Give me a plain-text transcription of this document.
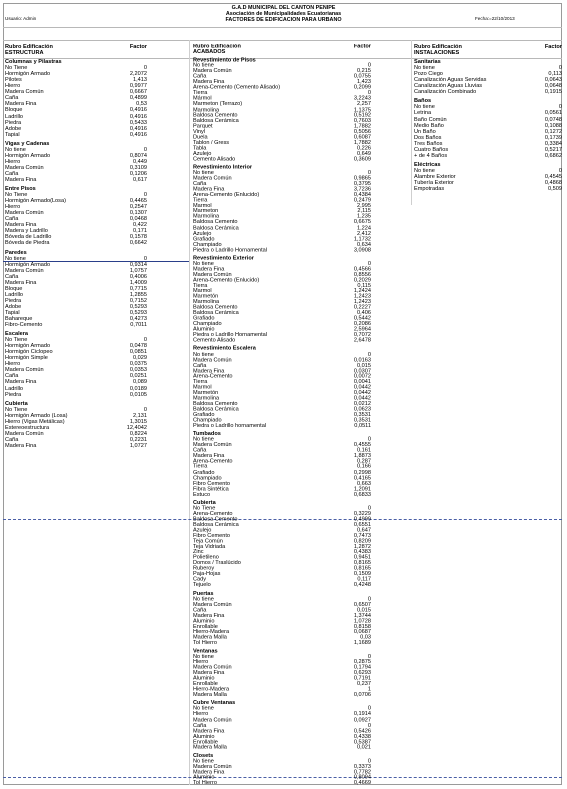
G.A.D MUNICIPAL DEL CANTON PENIPE
Asociación de Municipalidades Ecuatorianas
FACTORES DE EDIFICACION PARA URBANO
Usuario: Admin	Fecha:=22/10/2013
Rubro Edificación	Factor
ESTRUCTURA
Columnas y Pilastras
No Tiene	0
Hormigón Armado	2,2072
Pilotes	1,413
Hierro	0,9977
Madera Común	0,6667
Caña	0,4899
Madera Fina	0,53
Bloque	0,4916
Ladrillo	0,4916
Piedra	0,5433
Adobe	0,4916
Tapial	0,4916
Vigas y Cadenas
No tiene	0
Hormigón Armado	0,8074
Hierro	0,449
Madera Común	0,3109
Caña	0,1206
Madera Fina	0,617
Entre Pisos
No Tiene	0
Hormigón Armado(Losa)	0,4465
Hierro	0,2547
Madera Común	0,1307
Caña	0,0468
Madera Fina	0,422
Madera y Ladrillo	0,171
Bóveda de Ladrillo	0,1578
Bóveda de Piedra	0,6642
Paredes
No tiene	0
Hormigón Armado	0,9314
Madera Común	1,0757
Caña	0,4006
Madera Fina	1,4009
Bloque	0,7715
Ladrillo	1,2855
Piedra	0,7152
Adobe	0,5293
Tapial	0,5293
Bahareque	0,4273
Fibro-Cemento	0,7011
Escalera
No Tiene	0
Hormigón Armado	0,0478
Hormigón Ciclopeo	0,0851
Hormigón Simple	0,029
Hierro	0,0375
Madera Común	0,0353
Caña	0,0251
Madera Fina	0,089
Ladrillo	0,0189
Piedra	0,0105
Cubierta
No Tiene	0
Hormigón Armado (Losa)	2,131
Hierro (Vigas Metálicas)	1,3015
Estereoestructura	12,4042
Madera Común	0,8224
Caña	0,2231
Madera Fina	1,0727
Rubro Edificación	Factor
ACABADOS
Revestimiento de Pisos
No tiene	0
Madera Común	0,215
Caña	0,0755
Madera Fina	1,423
Arena-Cemento (Cemento Alisado)	0,2099
Tierra	0
Mármol	3,2243
Marmeton (Terrazo)	2,257
Marmolina	1,1375
Baldosa Cemento	0,5192
Baldosa Cerámica	0,7603
Parquet	1,7882
Vinyl	0,5056
Duela	0,6087
Tablon / Gress	1,7882
Tabla	0,226
Azulejo	0,649
Cemento Alisado	0,3609
Revestimiento Interior
No tiene	0
Madera Común	0,9865
Caña	0,3795
Madera Fina	3,7236
Arena-Cemento (Enlucido)	0,4384
Tierra	0,2479
Marmol	2,995
Marmeton	2,115
Marmolina	1,235
Baldosa Cemento	0,6675
Baldosa Cerámica	1,224
Azulejo	2,412
Grafiado	1,1732
Champiado	0,634
Piedra o Ladrillo Hornamental	3,0908
Revestimiento Exterior
No tiene	0
Madera Fina	0,4566
Madera Común	0,8556
Arena-Cemento (Enlucido)	0,2029
Tierra	0,115
Marmol	1,2424
Marmetón	1,2423
Marmolina	1,2423
Baldosa Cemento	0,2227
Baldosa Cerámica	0,406
Grafiado	0,5442
Champiado	0,2086
Aluminio	2,5964
Piedra o Ladrillo Hornamental	0,7072
Cemento Alisado	2,6478
Revestimiento Escalera
No tiene	0
Madera Común	0,0163
Caña	0,015
Madera Fina	0,0307
Arena-Cemento	0,0072
Tierra	0,0041
Marmol	0,0442
Marmetón	0,0442
Marmolina	0,0442
Baldosa Cemento	0,0212
Baldosa Cerámica	0,0623
Grafiado	0,3531
Champiado	0,3531
Piedra o Ladrillo hornamental	0,0511
Tumbados
No tiene	0
Madera Común	0,4555
Caña	0,161
Madera Fina	1,8873
Arena-Cemento	0,287
Tierra	0,166
Grafiado	0,2998
Champiado	0,4165
Fibro Cemento	0,663
Fibra Sintética	1,2091
Estuco	0,6833
Cubierta
No Tiene	0
Arena-Cemento	0,3229
Baldosa Cemento	0,4999
Baldosa Cerámica	0,6551
Azulejo	0,647
Fibro Cemento	0,7473
Teja Común	0,8209
Teja Vidriada	1,2872
Zinc	0,4383
Polietileno	0,9451
Domos / Traslúcido	0,8165
Ruberoy	0,8165
Paja-Hojas	0,1509
Cady	0,117
Tejuelo	0,4248
Puertas
No tiene	0
Madera Común	0,6507
Caña	0,015
Madera Fina	1,3744
Aluminio	1,0728
Enrollable	0,8158
Hierro-Madera	0,0687
Madera Malla	0,03
Tol Hierro	1,1689
Ventanas
No tiene	0
Hierro	0,2875
Madera Común	0,1794
Madera Fina	0,6293
Aluminio	0,7191
Enrollable	0,237
Hierro-Madera	1
Madera Malla	0,0706
Cubre Ventanas
No tiene	0
Hierro	0,1914
Madera Común	0,0927
Caña	0
Madera Fina	0,5426
Aluminio	0,4338
Enrollable	0,5387
Madera Malla	0,021
Closets
No tiene	0
Madera Común	0,3373
Madera Fina	0,7782
Aluminio	0,8094
Tol Hierro	0,4669
Rubro Edificación	Factor
INSTALACIONES
Sanitarias
No tiene	0
Pozo Ciego	0,113
Canalización Aguas Servidas	0,0643
Canalización Aguas Lluvias	0,0648
Canalización Combinado	0,1915
Baños
No tiene	0
Letrina	0,0561
Baño Común	0,0748
Medio Baño	0,1088
Un Baño	0,1272
Dos Baños	0,1739
Tres Baños	0,3384
Cuatro Baños	0,5217
+ de 4 Baños	0,6862
Eléctricas
No tiene	0
Alambre Exterior	0,4545
Tubería Exterior	0,4868
Empotradas	0,509
